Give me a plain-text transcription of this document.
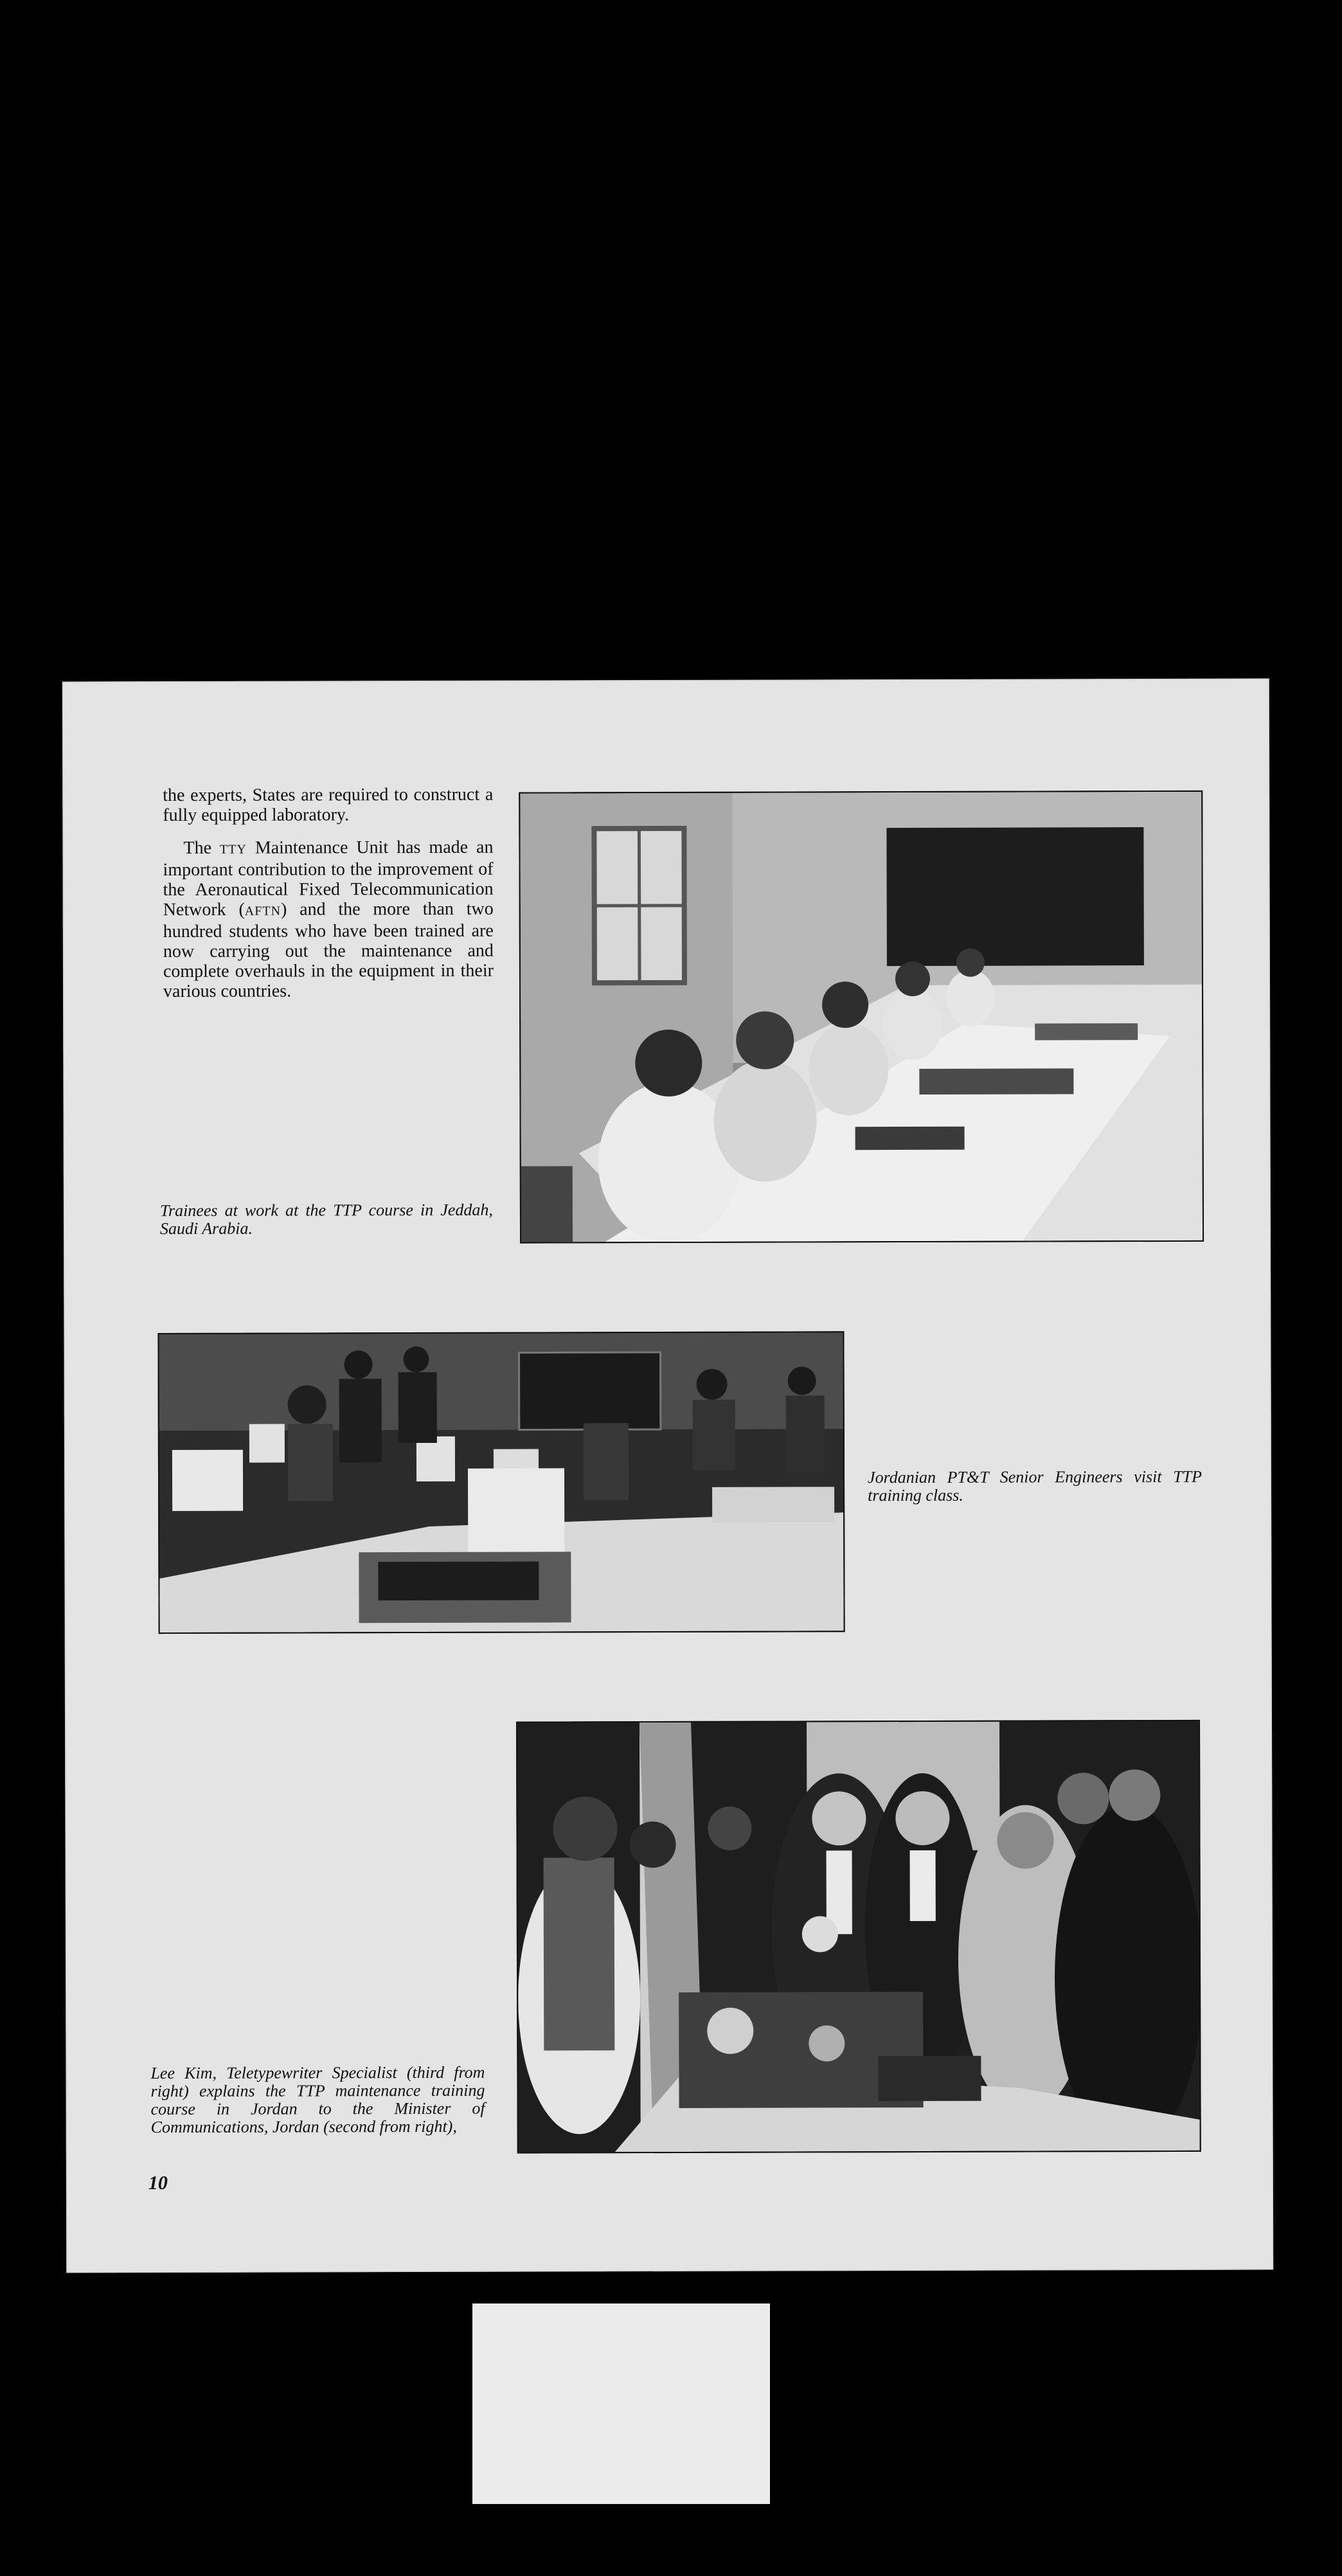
the experts, States are required to construct a fully equipped laboratory.

The TTY Maintenance Unit has made an important contribution to the improvement of the Aeronautical Fixed Telecommunication Network (AFTN) and the more than two hundred students who have been trained are now carrying out the maintenance and complete overhauls in the equipment in their various countries.

Trainees at work at the TTP course in Jeddah, Saudi Arabia.
Jordanian PT&T Senior Engineers visit TTP training class.
Lee Kim, Teletypewriter Specialist (third from right) explains the TTP maintenance training course in Jordan to the Minister of Communications, Jordan (second from right),
10
